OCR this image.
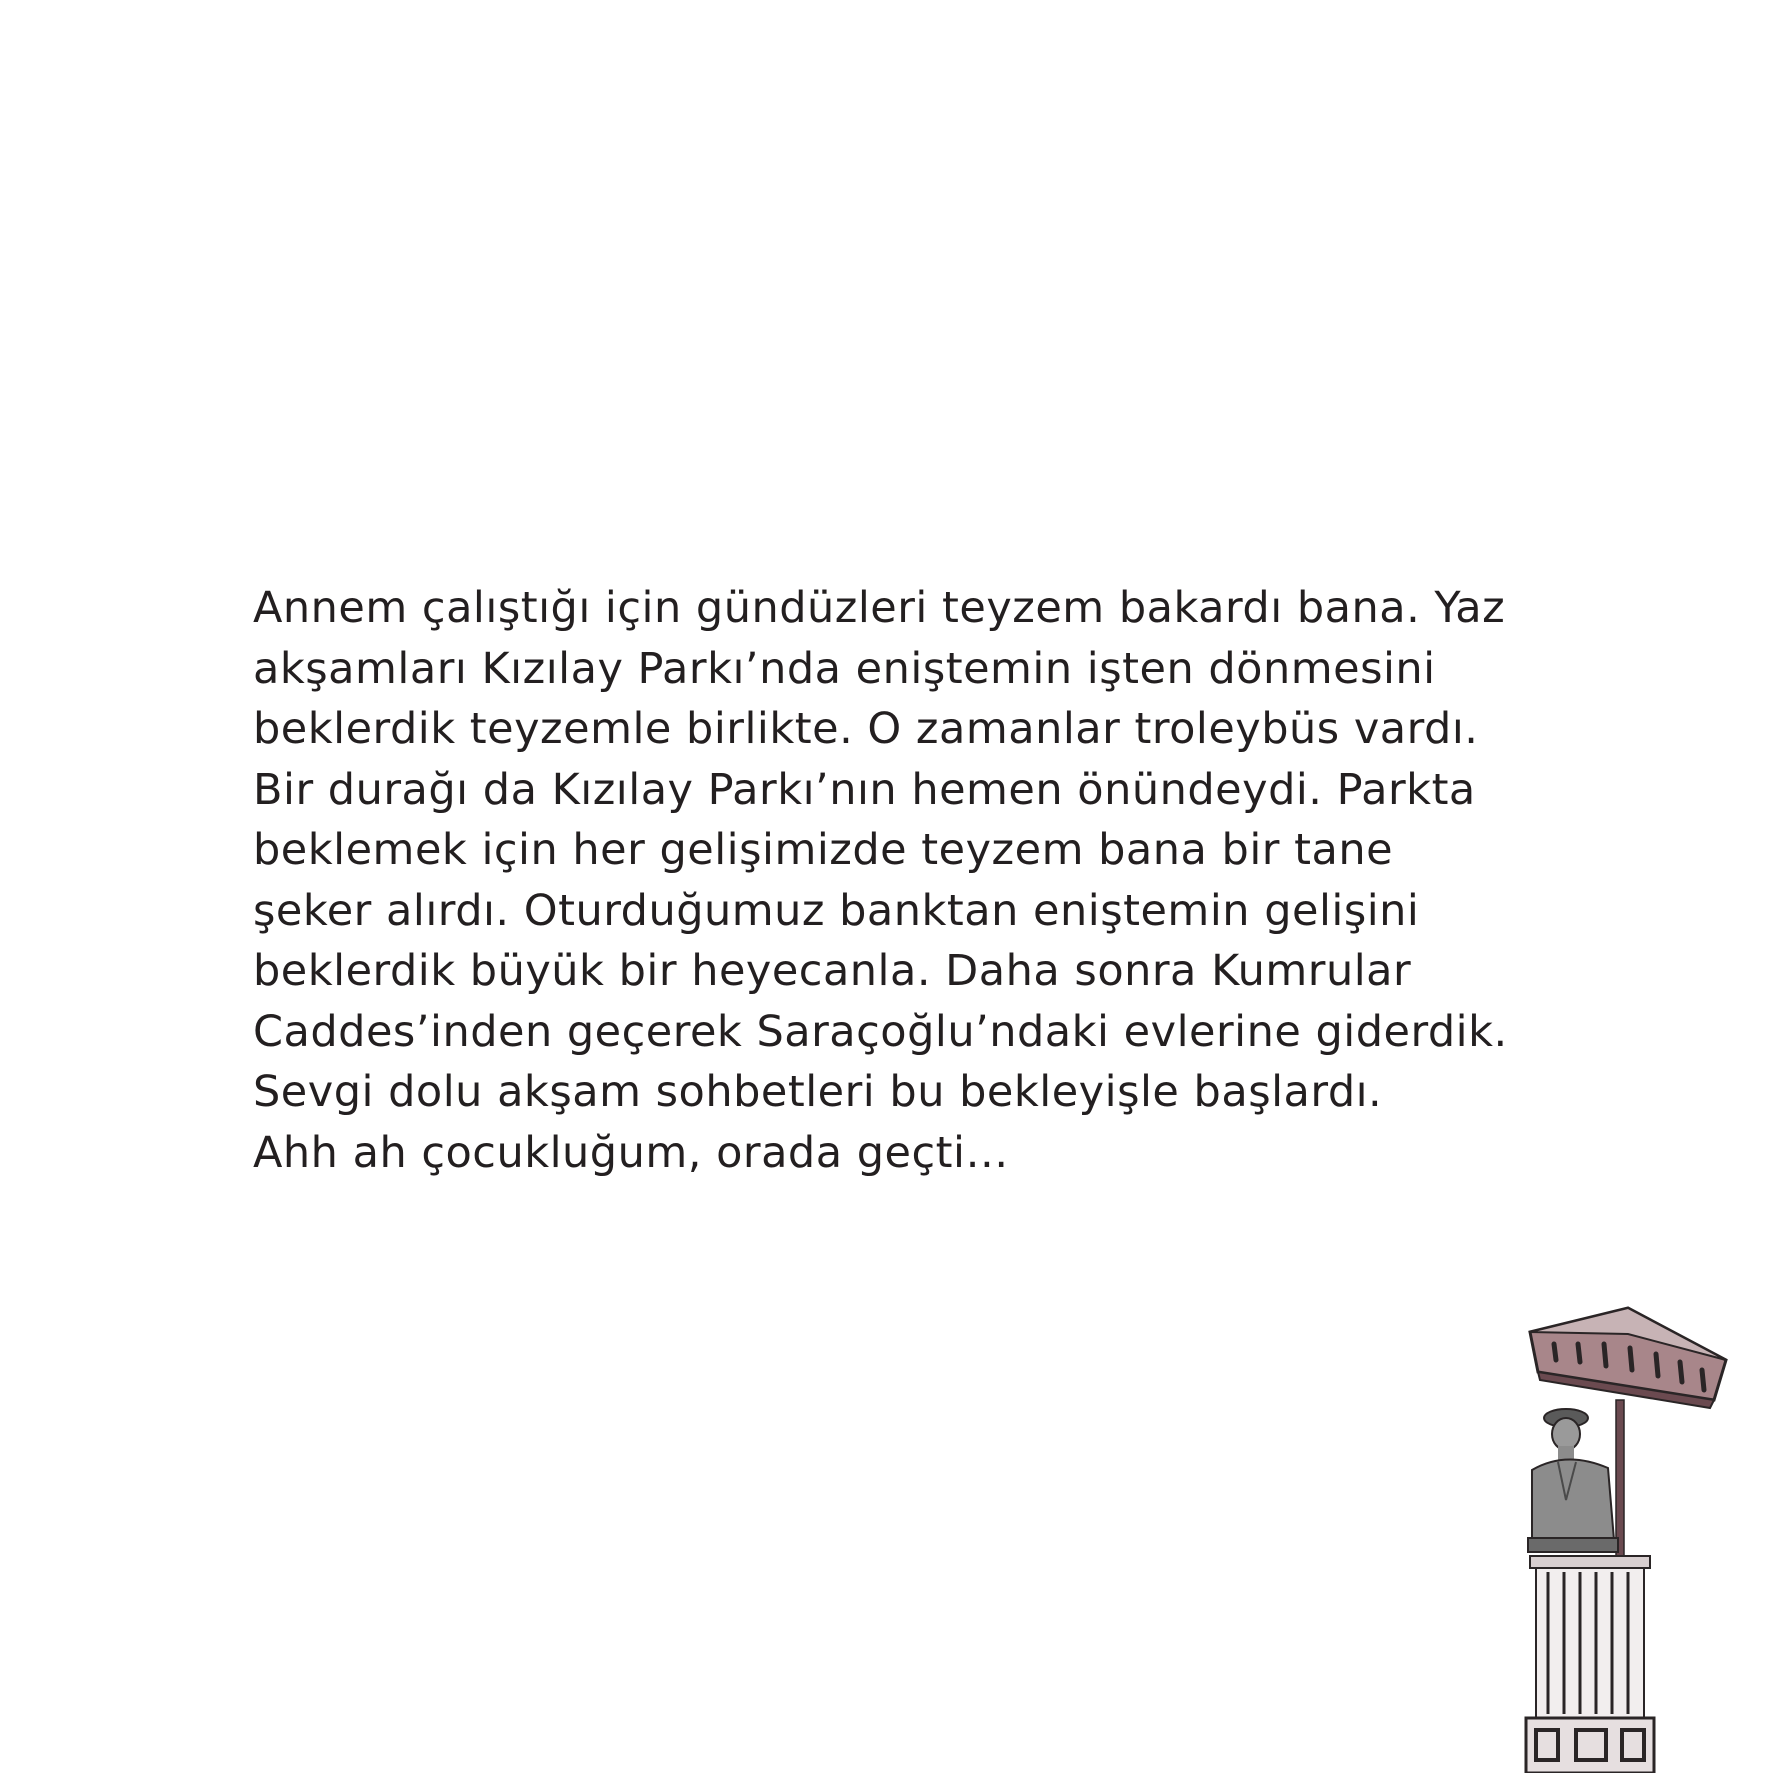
Annem çalıştığı için gündüzleri teyzem bakardı bana. Yaz
akşamları Kızılay Parkı’nda eniştemin işten dönmesini
beklerdik teyzemle birlikte. O zamanlar troleybüs vardı.
Bir durağı da Kızılay Parkı’nın hemen önündeydi. Parkta
beklemek için her gelişimizde teyzem bana bir tane
şeker alırdı. Oturduğumuz banktan eniştemin gelişini
beklerdik büyük bir heyecanla. Daha sonra Kumrular
Caddes’inden geçerek Saraçoğlu’ndaki evlerine giderdik.
Sevgi dolu akşam sohbetleri bu bekleyişle başlardı.
Ahh ah çocukluğum, orada geçti…
